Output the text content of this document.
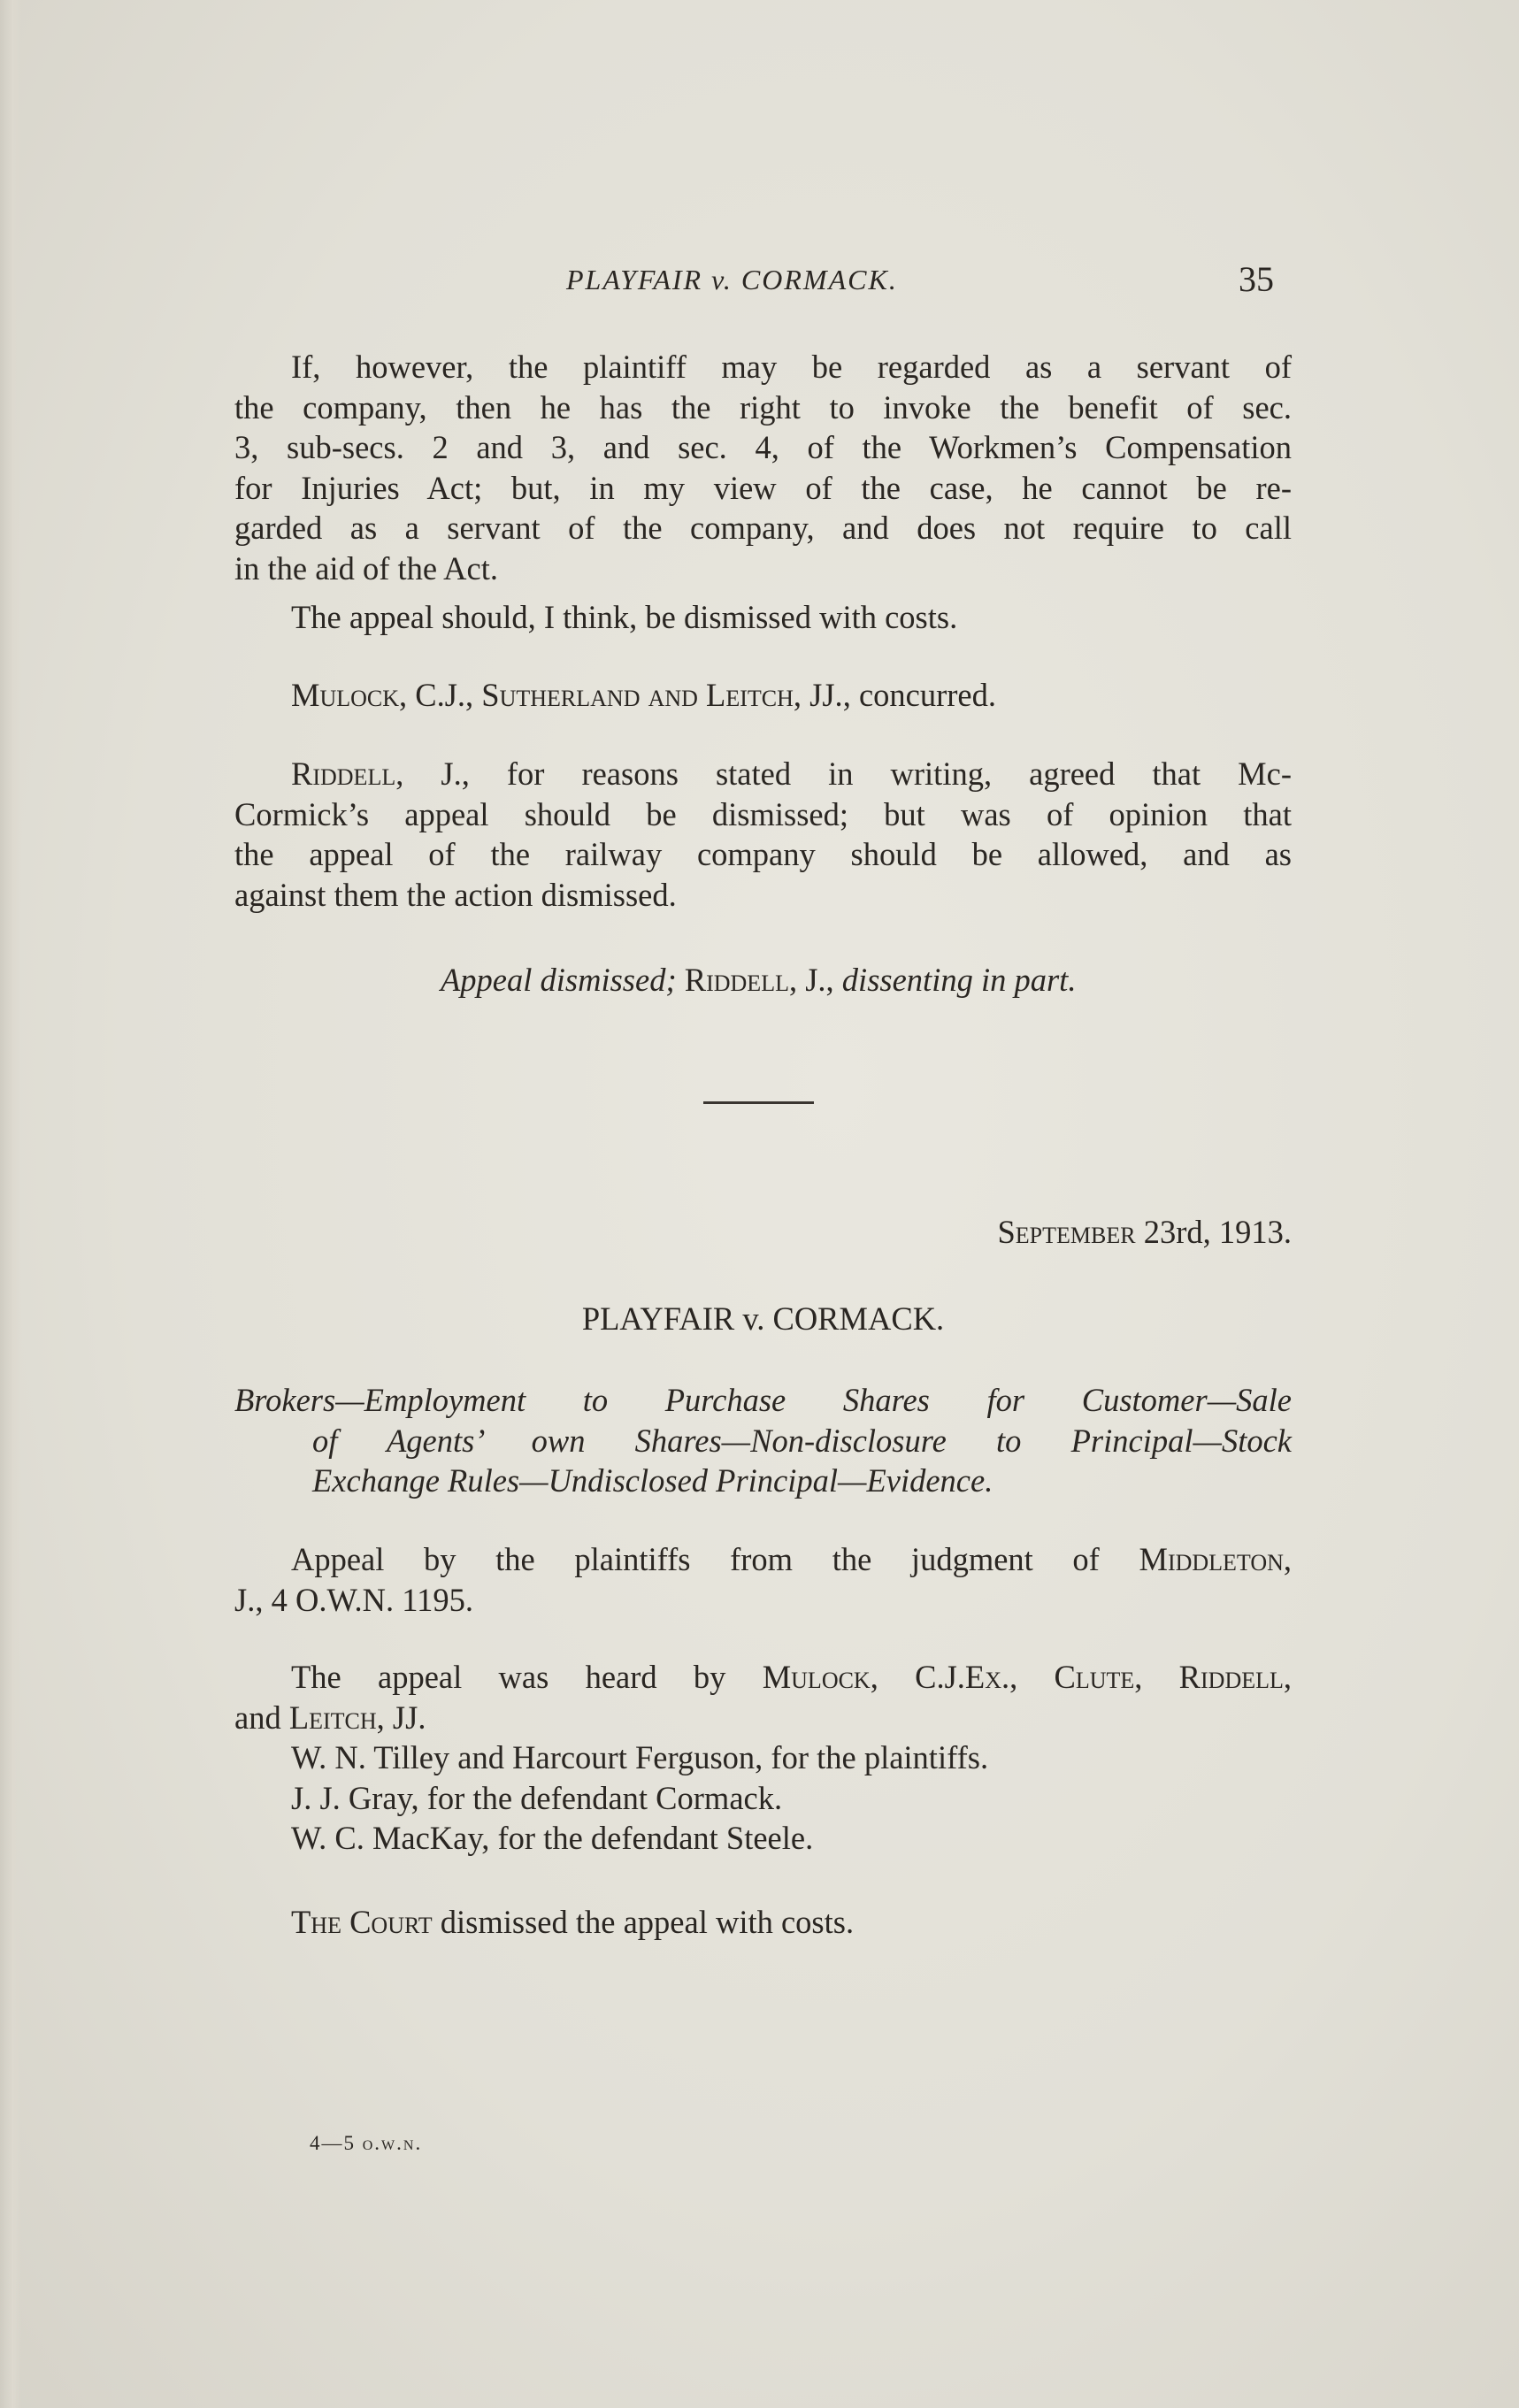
PLAYFAIR v. CORMACK.	35
If, however, the plaintiff may be regarded as a servant of
the company, then he has the right to invoke the benefit of sec.
3, sub-secs. 2 and 3, and sec. 4, of the Workmen’s Compensation
for Injuries Act; but, in my view of the case, he cannot be re-
garded as a servant of the company, and does not require to call
in the aid of the Act.
The appeal should, I think, be dismissed with costs.
Mulock, C.J., Sutherland and Leitch, JJ., concurred.
Riddell, J., for reasons stated in writing, agreed that Mc-
Cormick’s appeal should be dismissed; but was of opinion that
the appeal of the railway company should be allowed, and as
against them the action dismissed.
Appeal dismissed; Riddell, J., dissenting in part.
September 23rd, 1913.
PLAYFAIR v. CORMACK.
Brokers—Employment to Purchase Shares for Customer—Sale
of Agents’ own Shares—Non-disclosure to Principal—Stock
Exchange Rules—Undisclosed Principal—Evidence.
Appeal by the plaintiffs from the judgment of Middleton,
J., 4 O.W.N. 1195.
The appeal was heard by Mulock, C.J.Ex., Clute, Riddell,
and Leitch, JJ.
W. N. Tilley and Harcourt Ferguson, for the plaintiffs.
J. J. Gray, for the defendant Cormack.
W. C. MacKay, for the defendant Steele.
The Court dismissed the appeal with costs.
4—5 o.w.n.
